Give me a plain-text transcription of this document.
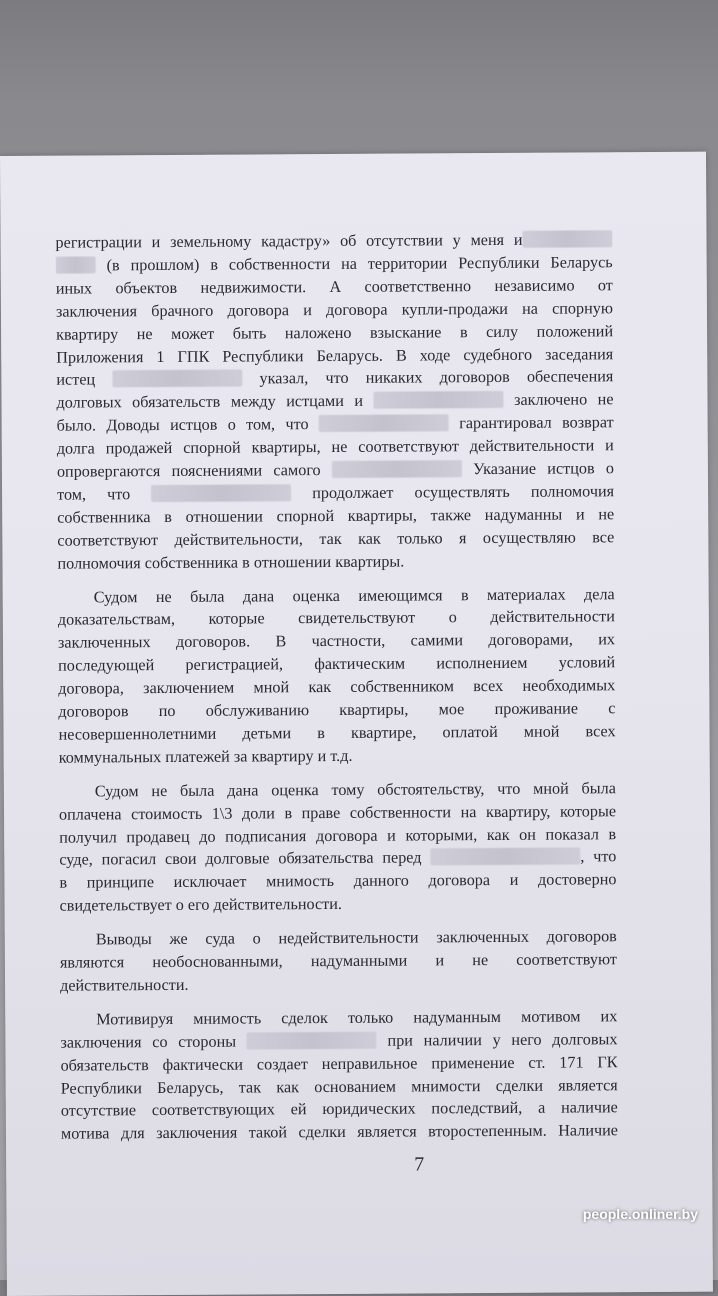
регистрации и земельному кадастру» об отсутствии у меня и
(в прошлом) в собственности на территории Республики Беларусь
иных объектов недвижимости. А соответственно независимо от
заключения брачного договора и договора купли-продажи на спорную
квартиру не может быть наложено взыскание в силу положений
Приложения 1 ГПК Республики Беларусь. В ходе судебного заседания
истец	указал, что никаких договоров обеспечения
долговых обязательств между истцами и	заключено не
было. Доводы истцов о том, что	гарантировал возврат
долга продажей спорной квартиры, не соответствуют действительности и
опровергаются пояснениями самого	Указание истцов о
том, что	продолжает осуществлять полномочия
собственника в отношении спорной квартиры, также надуманны и не
соответствуют действительности, так как только я осуществляю все
полномочия собственника в отношении квартиры.
Судом не была дана оценка имеющимся в материалах дела
доказательствам, которые свидетельствуют о действительности
заключенных договоров. В частности, самими договорами, их
последующей регистрацией, фактическим исполнением условий
договора, заключением мной как собственником всех необходимых
договоров по обслуживанию квартиры, мое проживание с
несовершеннолетними детьми в квартире, оплатой мной всех
коммунальных платежей за квартиру и т.д.
Судом не была дана оценка тому обстоятельству, что мной была
оплачена стоимость 1\3 доли в праве собственности на квартиру, которые
получил продавец до подписания договора и которыми, как он показал в
суде, погасил свои долговые обязательства перед	, что
в принципе исключает мнимость данного договора и достоверно
свидетельствует о его действительности.
Выводы же суда о недействительности заключенных договоров
являются необоснованными, надуманными и не соответствуют
действительности.
Мотивируя мнимость сделок только надуманным мотивом их
заключения со стороны	при наличии у него долговых
обязательств фактически создает неправильное применение ст. 171 ГК
Республики Беларусь, так как основанием мнимости сделки является
отсутствие соответствующих ей юридических последствий, а наличие
мотива для заключения такой сделки является второстепенным. Наличие
7
people.onliner.by
